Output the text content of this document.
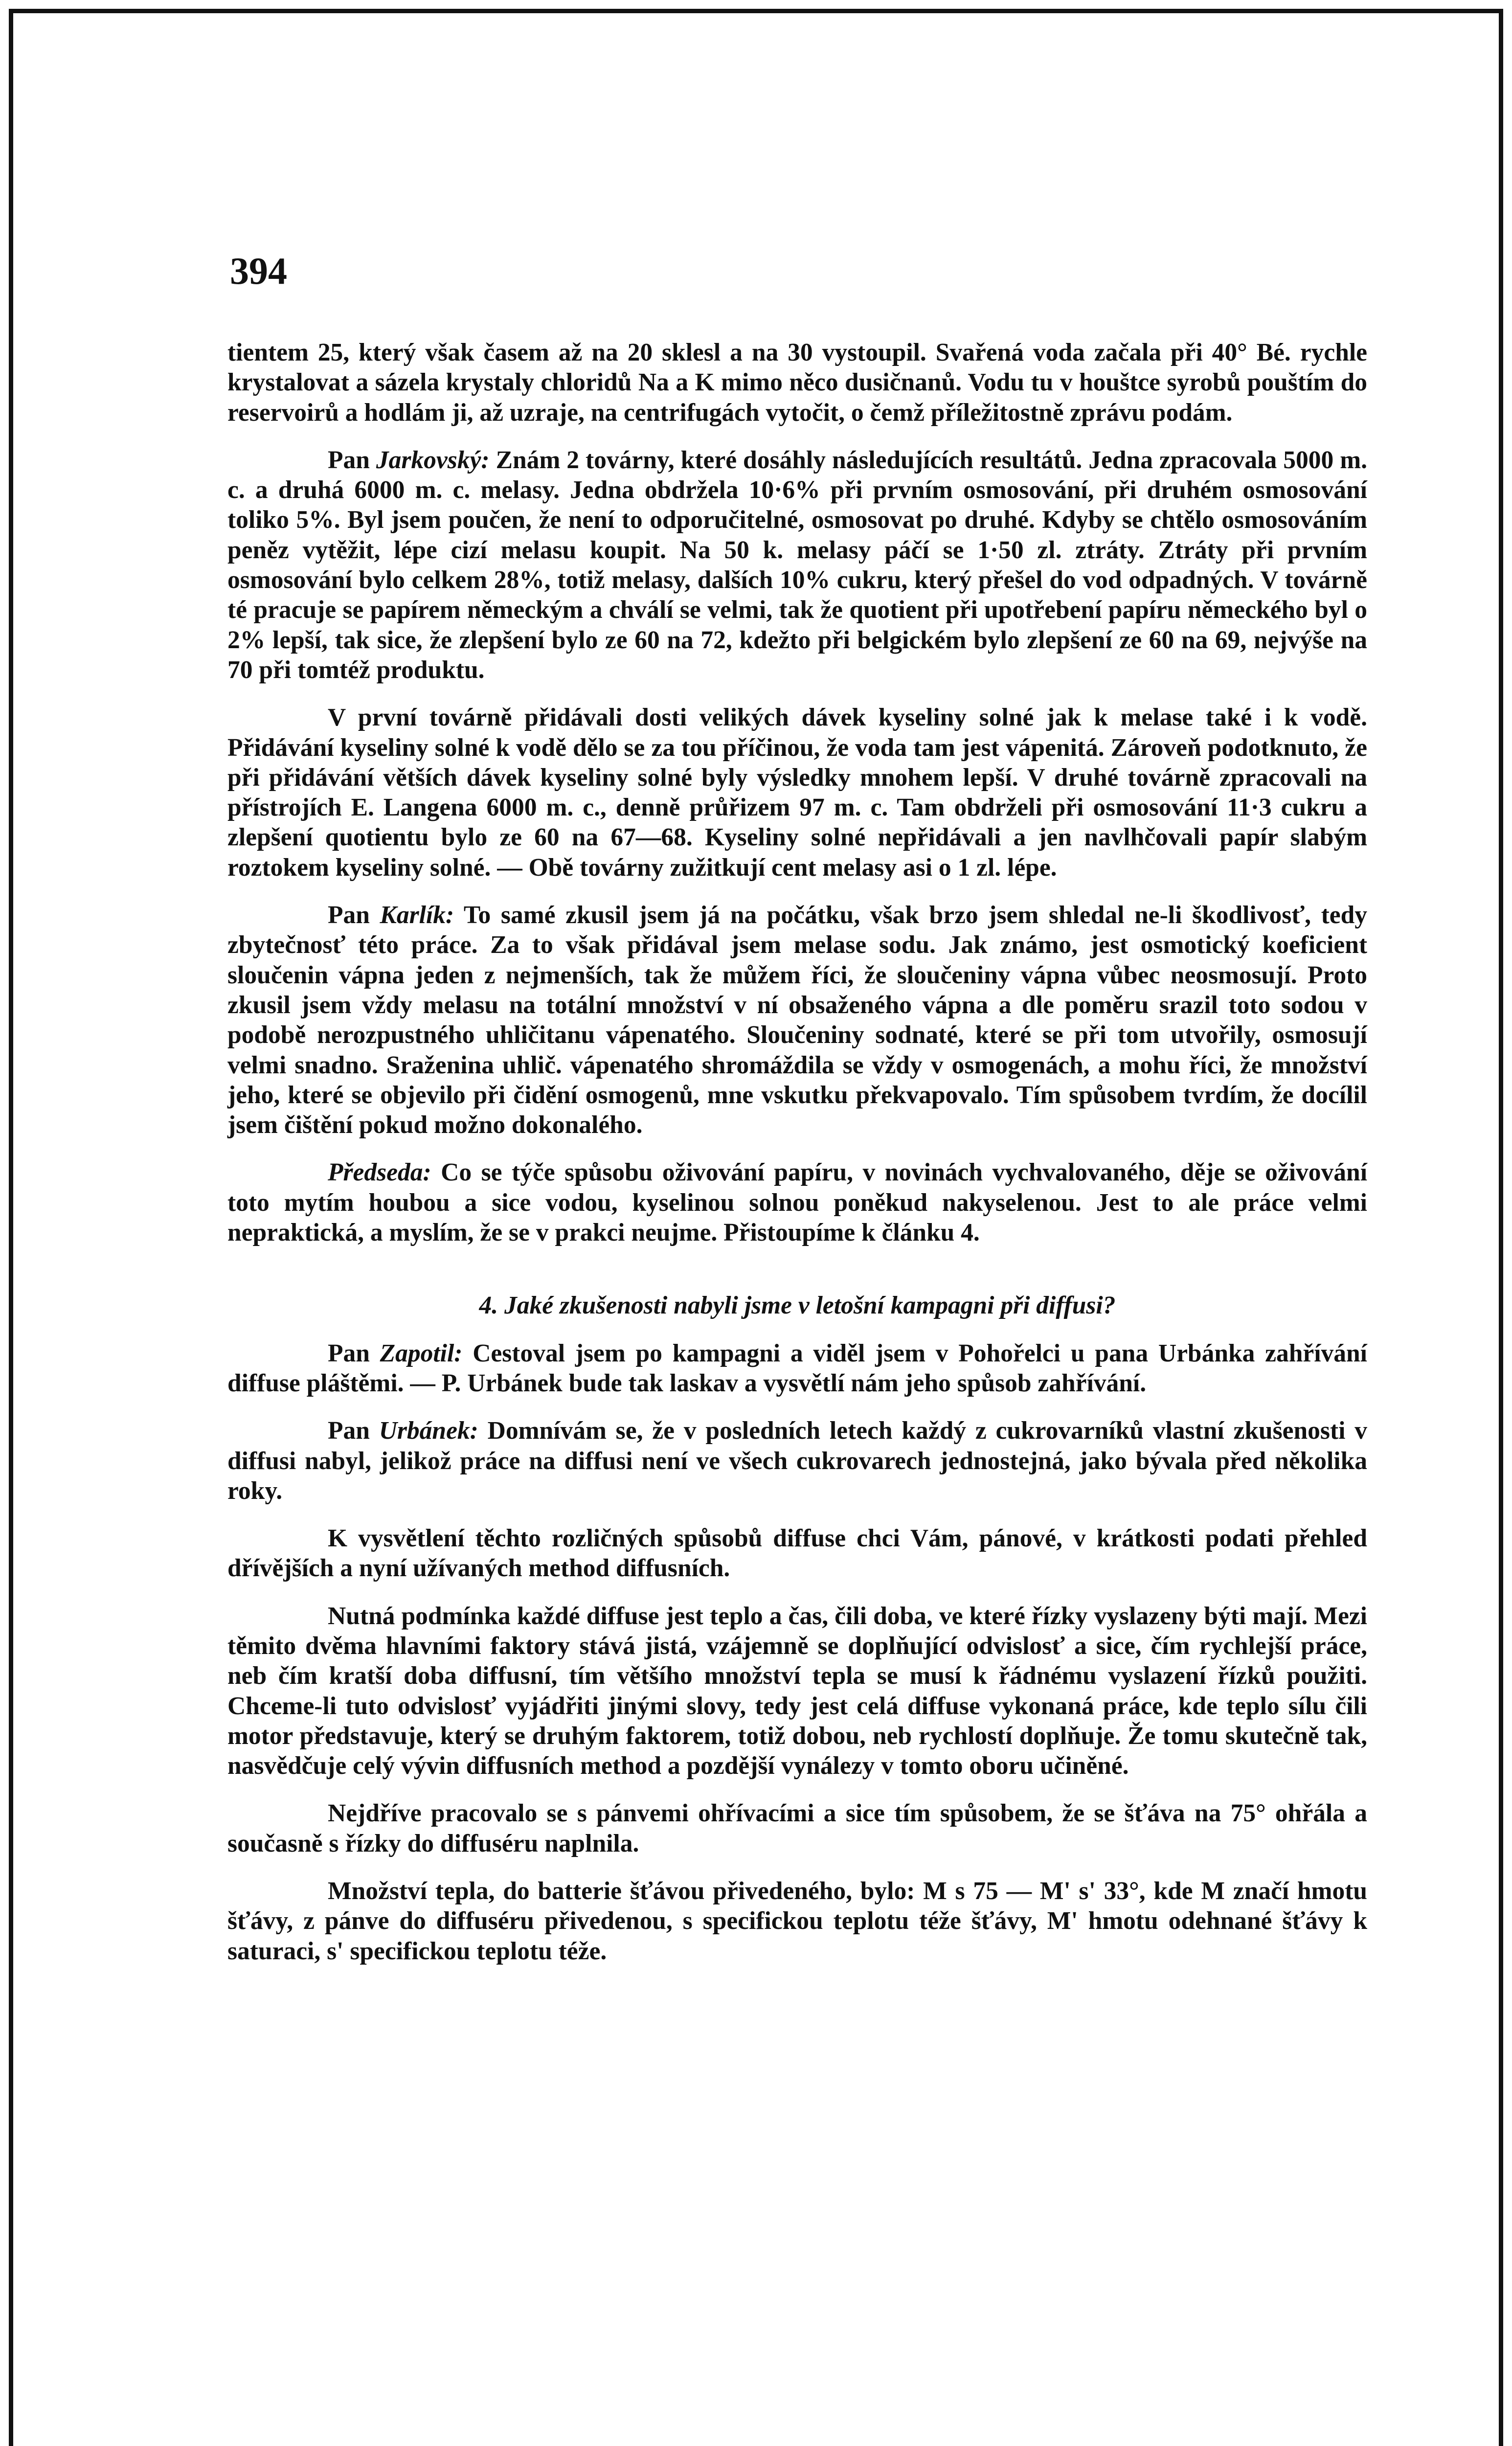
394

tientem 25, který však časem až na 20 sklesl a na 30 vystoupil. Svařená voda začala při 40° Bé. rychle krystalovat a sázela krystaly chloridů Na a K mimo něco dusičnanů. Vodu tu v houštce syrobů pouštím do reservoirů a hodlám ji, až uzraje, na centrifugách vytočit, o čemž příležitostně zprávu podám.

Pan Jarkovský: Znám 2 továrny, které dosáhly následujících resultátů. Jedna zpracovala 5000 m. c. a druhá 6000 m. c. melasy. Jedna obdržela 10·6% při prvním osmosování, při druhém osmosování toliko 5%. Byl jsem poučen, že není to odporučitelné, osmosovat po druhé. Kdyby se chtělo osmosováním peněz vytěžit, lépe cizí melasu koupit. Na 50 k. melasy páčí se 1·50 zl. ztráty. Ztráty při prvním osmosování bylo celkem 28%, totiž melasy, dalších 10% cukru, který přešel do vod odpadných. V továrně té pracuje se papírem německým a chválí se velmi, tak že quotient při upotřebení papíru německého byl o 2% lepší, tak sice, že zlepšení bylo ze 60 na 72, kdežto při belgickém bylo zlepšení ze 60 na 69, nejvýše na 70 při tomtéž produktu.

V první továrně přidávali dosti velikých dávek kyseliny solné jak k melase také i k vodě. Přidávání kyseliny solné k vodě dělo se za tou příčinou, že voda tam jest vápenitá. Zároveň podotknuto, že při přidávání větších dávek kyseliny solné byly výsledky mnohem lepší. V druhé továrně zpracovali na přístrojích E. Langena 6000 m. c., denně průřizem 97 m. c. Tam obdrželi při osmosování 11·3 cukru a zlepšení quotientu bylo ze 60 na 67—68. Kyseliny solné nepřidávali a jen navlhčovali papír slabým roztokem kyseliny solné. — Obě továrny zužitkují cent melasy asi o 1 zl. lépe.

Pan Karlík: To samé zkusil jsem já na počátku, však brzo jsem shledal ne-li škodlivosť, tedy zbytečnosť této práce. Za to však přidával jsem melase sodu. Jak známo, jest osmotický koeficient sloučenin vápna jeden z nejmenších, tak že můžem říci, že sloučeniny vápna vůbec neosmosují. Proto zkusil jsem vždy melasu na totální množství v ní obsaženého vápna a dle poměru srazil toto sodou v podobě nerozpustného uhličitanu vápenatého. Sloučeniny sodnaté, které se při tom utvořily, osmosují velmi snadno. Sraženina uhlič. vápenatého shromáždila se vždy v osmogenách, a mohu říci, že množství jeho, které se objevilo při čidění osmogenů, mne vskutku překvapovalo. Tím spůsobem tvrdím, že docílil jsem čištění pokud možno dokonalého.

Předseda: Co se týče spůsobu oživování papíru, v novinách vychvalovaného, děje se oživování toto mytím houbou a sice vodou, kyselinou solnou poněkud nakyselenou. Jest to ale práce velmi nepraktická, a myslím, že se v prakci neujme. Přistoupíme k článku 4.

4. Jaké zkušenosti nabyli jsme v letošní kampagni při diffusi?

Pan Zapotil: Cestoval jsem po kampagni a viděl jsem v Pohořelci u pana Urbánka zahřívání diffuse pláštěmi. — P. Urbánek bude tak laskav a vysvětlí nám jeho spůsob zahřívání.

Pan Urbánek: Domnívám se, že v posledních letech každý z cukrovarníků vlastní zkušenosti v diffusi nabyl, jelikož práce na diffusi není ve všech cukrovarech jednostejná, jako bývala před několika roky.

K vysvětlení těchto rozličných spůsobů diffuse chci Vám, pánové, v krátkosti podati přehled dřívějších a nyní užívaných method diffusních.

Nutná podmínka každé diffuse jest teplo a čas, čili doba, ve které řízky vyslazeny býti mají. Mezi těmito dvěma hlavními faktory stává jistá, vzájemně se doplňující odvislosť a sice, čím rychlejší práce, neb čím kratší doba diffusní, tím většího množství tepla se musí k řádnému vyslazení řízků použiti. Chceme-li tuto odvislosť vyjádřiti jinými slovy, tedy jest celá diffuse vykonaná práce, kde teplo sílu čili motor představuje, který se druhým faktorem, totiž dobou, neb rychlostí doplňuje. Že tomu skutečně tak, nasvědčuje celý vývin diffusních method a pozdější vynálezy v tomto oboru učiněné.

Nejdříve pracovalo se s pánvemi ohřívacími a sice tím spůsobem, že se šťáva na 75° ohřála a současně s řízky do diffuséru naplnila.

Množství tepla, do batterie šťávou přivedeného, bylo: M s 75 — M' s' 33°, kde M značí hmotu šťávy, z pánve do diffuséru přivedenou, s specifickou teplotu téže šťávy, M' hmotu odehnané šťávy k saturaci, s' specifickou teplotu téže.
